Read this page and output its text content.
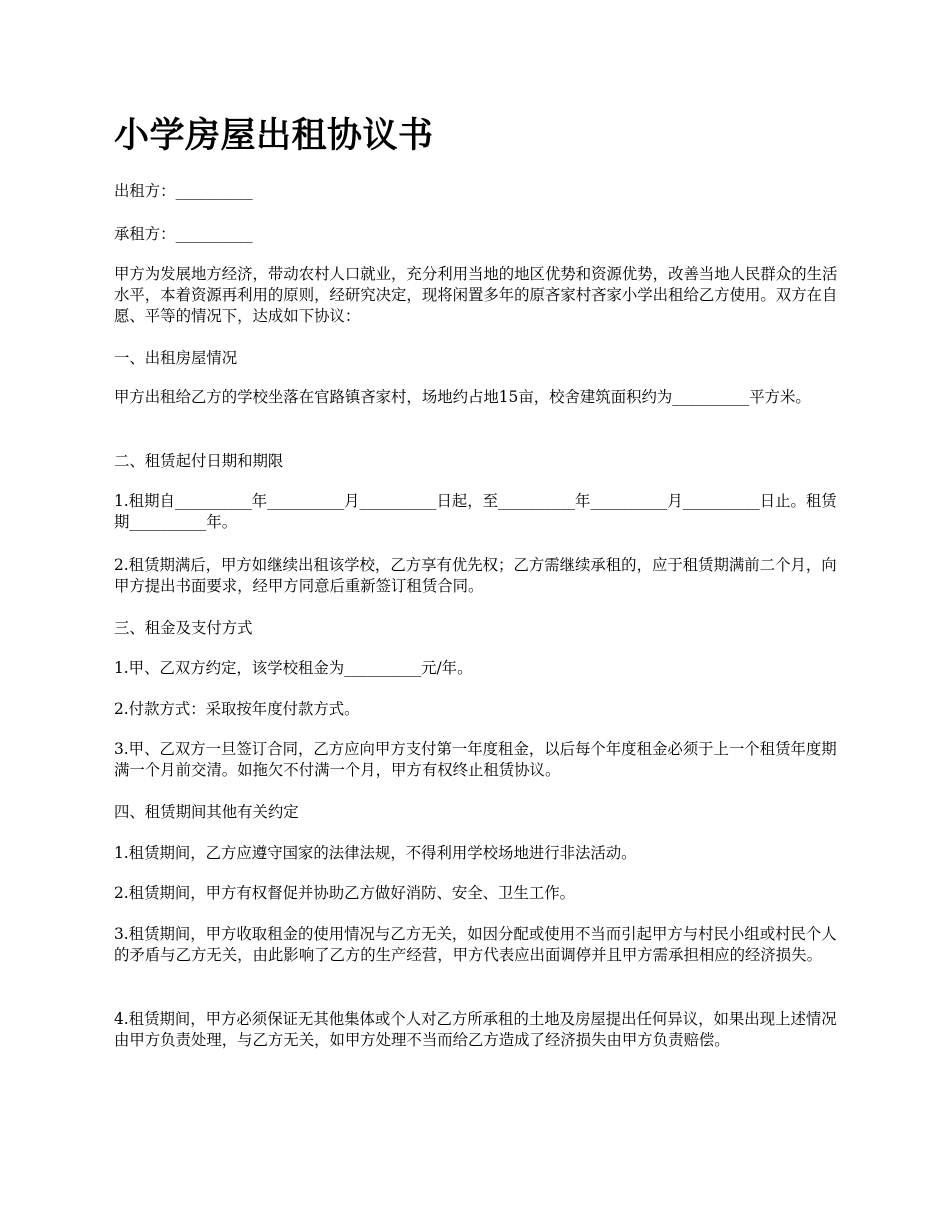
小学房屋出租协议书

出租方：__________

承租方：__________

甲方为发展地方经济，带动农村人口就业，充分利用当地的地区优势和资源优势，改善当地人民群众的生活水平，本着资源再利用的原则，经研究决定，现将闲置多年的原吝家村吝家小学出租给乙方使用。双方在自愿、平等的情况下，达成如下协议：

一、出租房屋情况

甲方出租给乙方的学校坐落在官路镇吝家村，场地约占地15亩，校舍建筑面积约为__________平方米。

二、租赁起付日期和期限

1.租期自__________年__________月__________日起，至__________年__________月__________日止。租赁期__________年。

2.租赁期满后，甲方如继续出租该学校，乙方享有优先权；乙方需继续承租的，应于租赁期满前二个月，向甲方提出书面要求，经甲方同意后重新签订租赁合同。

三、租金及支付方式

1.甲、乙双方约定，该学校租金为__________元/年。

2.付款方式：采取按年度付款方式。

3.甲、乙双方一旦签订合同，乙方应向甲方支付第一年度租金，以后每个年度租金必须于上一个租赁年度期满一个月前交清。如拖欠不付满一个月，甲方有权终止租赁协议。

四、租赁期间其他有关约定

1.租赁期间，乙方应遵守国家的法律法规，不得利用学校场地进行非法活动。

2.租赁期间，甲方有权督促并协助乙方做好消防、安全、卫生工作。

3.租赁期间，甲方收取租金的使用情况与乙方无关，如因分配或使用不当而引起甲方与村民小组或村民个人的矛盾与乙方无关，由此影响了乙方的生产经营，甲方代表应出面调停并且甲方需承担相应的经济损失。

4.租赁期间，甲方必须保证无其他集体或个人对乙方所承租的土地及房屋提出任何异议，如果出现上述情况由甲方负责处理，与乙方无关，如甲方处理不当而给乙方造成了经济损失由甲方负责赔偿。
